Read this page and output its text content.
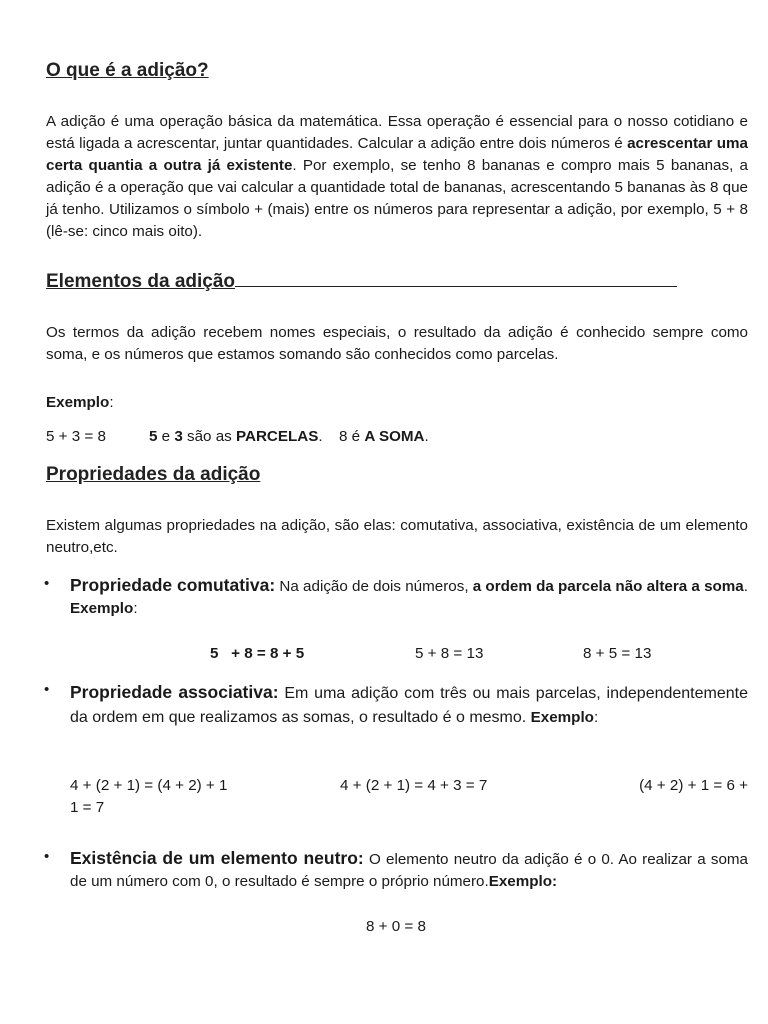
O que é a adição?

A adição é uma operação básica da matemática. Essa operação é essencial para o nosso cotidiano e está ligada a acrescentar, juntar quantidades. Calcular a adição entre dois números é acrescentar uma certa quantia a outra já existente. Por exemplo, se tenho 8 bananas e compro mais 5 bananas, a adição é a operação que vai calcular a quantidade total de bananas, acrescentando 5 bananas às 8 que já tenho. Utilizamos o símbolo + (mais) entre os números para representar a adição, por exemplo, 5 + 8 (lê-se: cinco mais oito).

Elementos da adição

Os termos da adição recebem nomes especiais, o resultado da adição é conhecido sempre como soma, e os números que estamos somando são conhecidos como parcelas.

Exemplo:
5 + 3 = 8	5 e 3 são as PARCELAS. 8 é A SOMA.
Propriedades da adição

Existem algumas propriedades na adição, são elas: comutativa, associativa, existência de um elemento neutro,etc.

• Propriedade comutativa: Na adição de dois números, a ordem da parcela não altera a soma. Exemplo:

5   + 8 = 8 + 5	5 + 8 = 13	8 + 5 = 13
• Propriedade associativa: Em uma adição com três ou mais parcelas, independentemente da ordem em que realizamos as somas, o resultado é o mesmo. Exemplo:

4 + (2 + 1) = (4 + 2) + 1	4 + (2 + 1) = 4 + 3 = 7	(4 + 2) + 1 = 6 +
1 = 7
• Existência de um elemento neutro: O elemento neutro da adição é o 0. Ao realizar a soma de um número com 0, o resultado é sempre o próprio número.Exemplo:

8 + 0 = 8
